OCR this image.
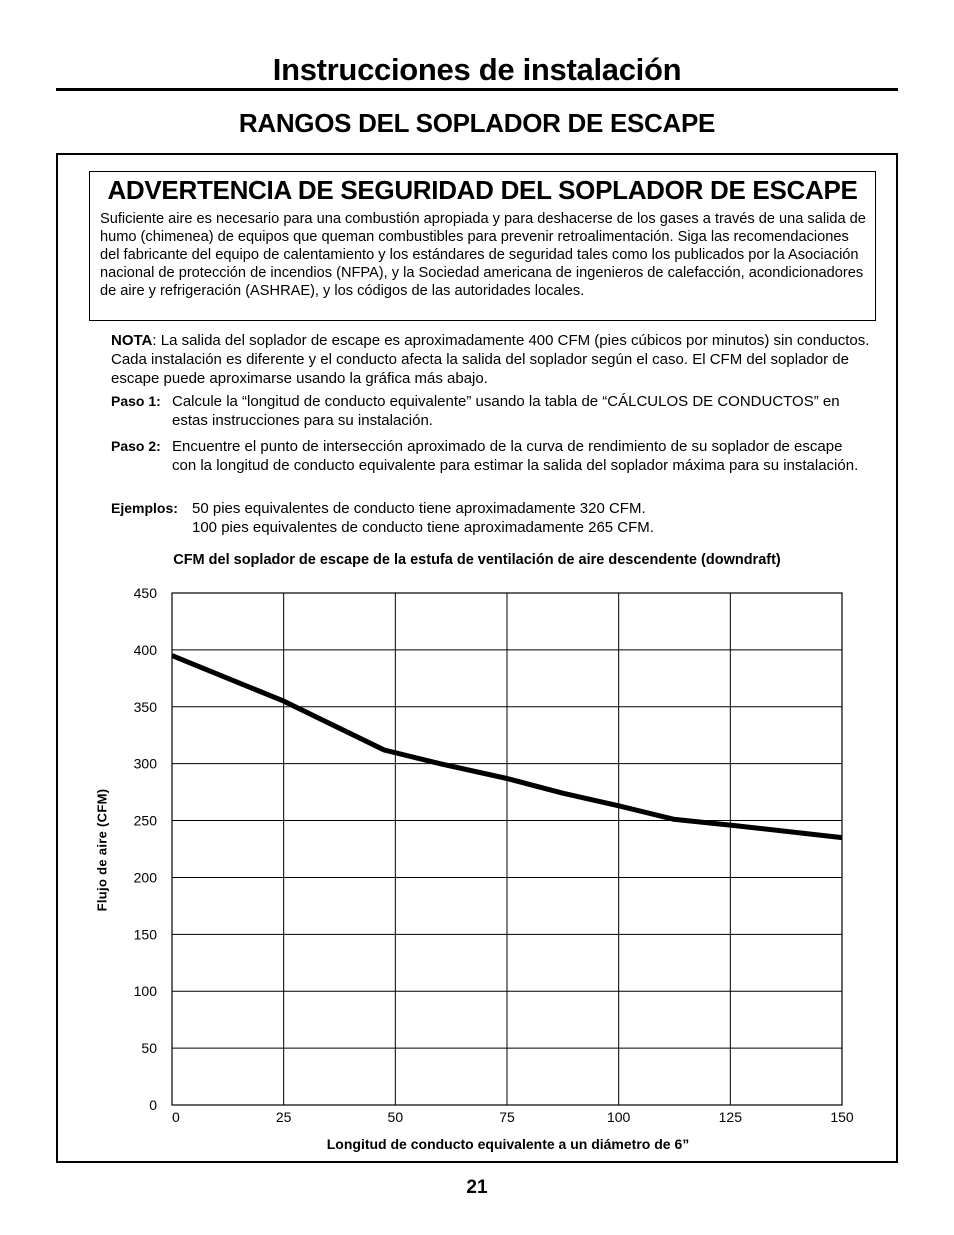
Instrucciones de instalación
RANGOS DEL SOPLADOR DE ESCAPE
ADVERTENCIA DE SEGURIDAD DEL SOPLADOR DE ESCAPE
Suficiente aire es necesario para una combustión apropiada y para deshacerse de los gases a través de una salida de humo (chimenea) de equipos que queman combustibles para prevenir retroalimentación. Siga las recomendaciones del fabricante del equipo de calentamiento y los estándares de seguridad tales como los publicados por la Asociación nacional de protección de incendios (NFPA), y la Sociedad americana de ingenieros de calefacción, acondicionadores de aire y refrigeración (ASHRAE), y los códigos de las autoridades locales.
NOTA: La salida del soplador de escape es aproximadamente 400 CFM (pies cúbicos por minutos) sin conductos. Cada instalación es diferente y el conducto afecta la salida del soplador según el caso. El CFM del soplador de escape puede aproximarse usando la gráfica más abajo.
Paso 1: Calcule la “longitud de conducto equivalente” usando la tabla de “CÁLCULOS DE CONDUCTOS” en estas instrucciones para su instalación.
Paso 2: Encuentre el punto de intersección aproximado de la curva de rendimiento de su soplador de escape con la longitud de conducto equivalente para estimar la salida del soplador máxima para su instalación.
Ejemplos: 50 pies equivalentes de conducto tiene aproximadamente 320 CFM.
100 pies equivalentes de conducto tiene aproximadamente 265 CFM.
CFM del soplador de escape de la estufa de ventilación de aire descendente (downdraft)
Flujo de aire (CFM)
Longitud de conducto equivalente a un diámetro de 6”
0
50
100
150
200
250
300
350
400
450
0	25	50	75	100	125	150
21
